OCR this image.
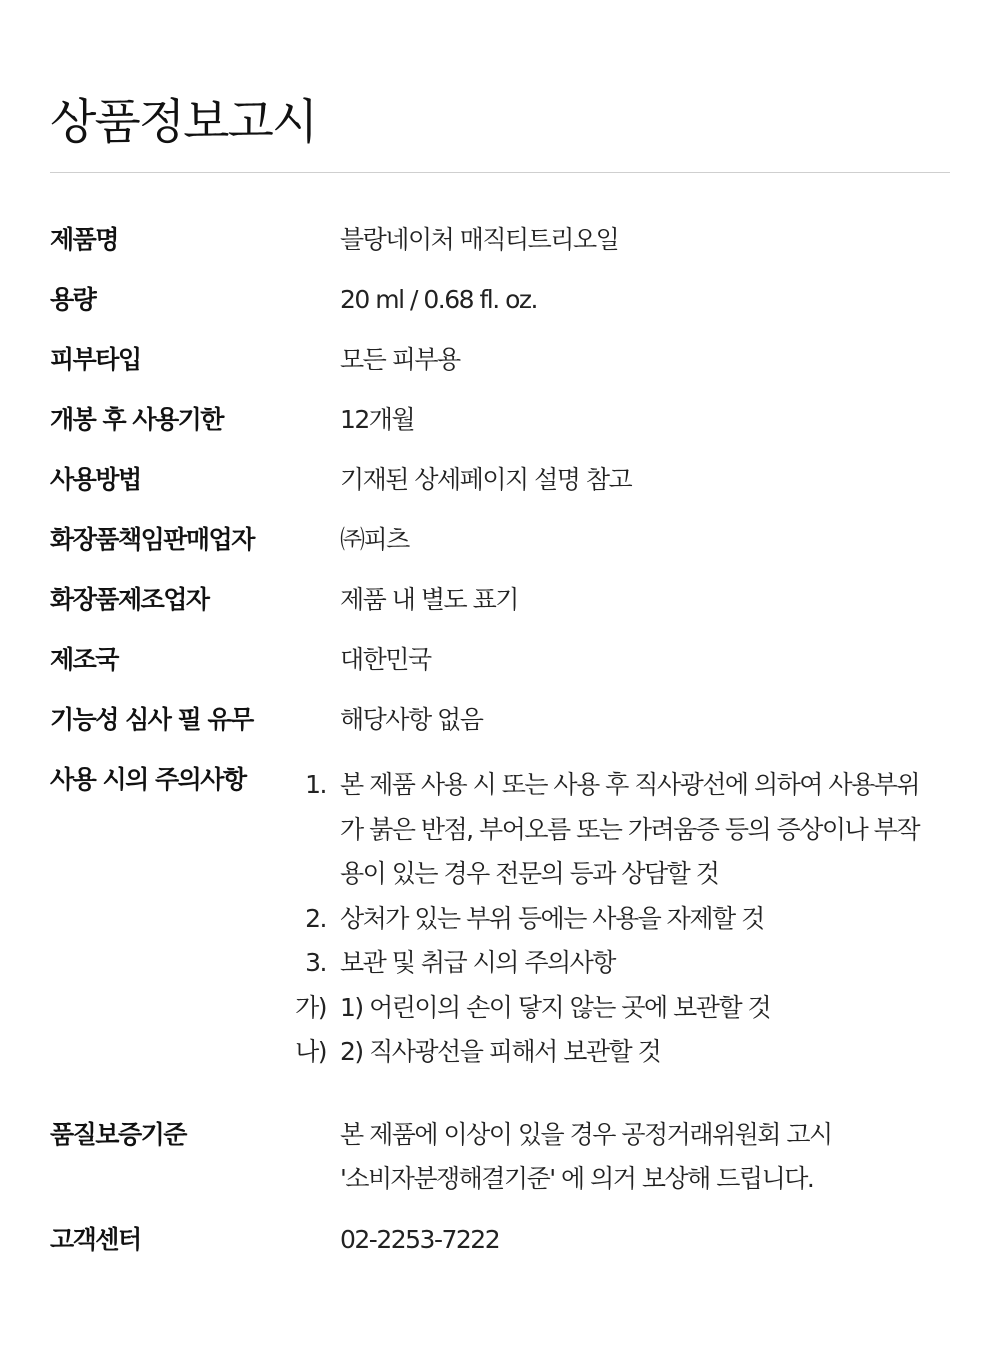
상품정보고시
제품명	블랑네이처 매직티트리오일
용량	20 ml / 0.68 fl. oz.
피부타입	모든 피부용
개봉 후 사용기한	12개월
사용방법	기재된 상세페이지 설명 참고
화장품책임판매업자	㈜피츠
화장품제조업자	제품 내 별도 표기
제조국	대한민국
기능성 심사 필 유무	해당사항 없음
사용 시의 주의사항	1. 본 제품 사용 시 또는 사용 후 직사광선에 의하여 사용부위
가 붉은 반점, 부어오름 또는 가려움증 등의 증상이나 부작
용이 있는 경우 전문의 등과 상담할 것
2. 상처가 있는 부위 등에는 사용을 자제할 것
3. 보관 및 취급 시의 주의사항
가) 1) 어린이의 손이 닿지 않는 곳에 보관할 것
나) 2) 직사광선을 피해서 보관할 것
품질보증기준	본 제품에 이상이 있을 경우 공정거래위원회 고시
'소비자분쟁해결기준' 에 의거 보상해 드립니다.
고객센터	02-2253-7222
